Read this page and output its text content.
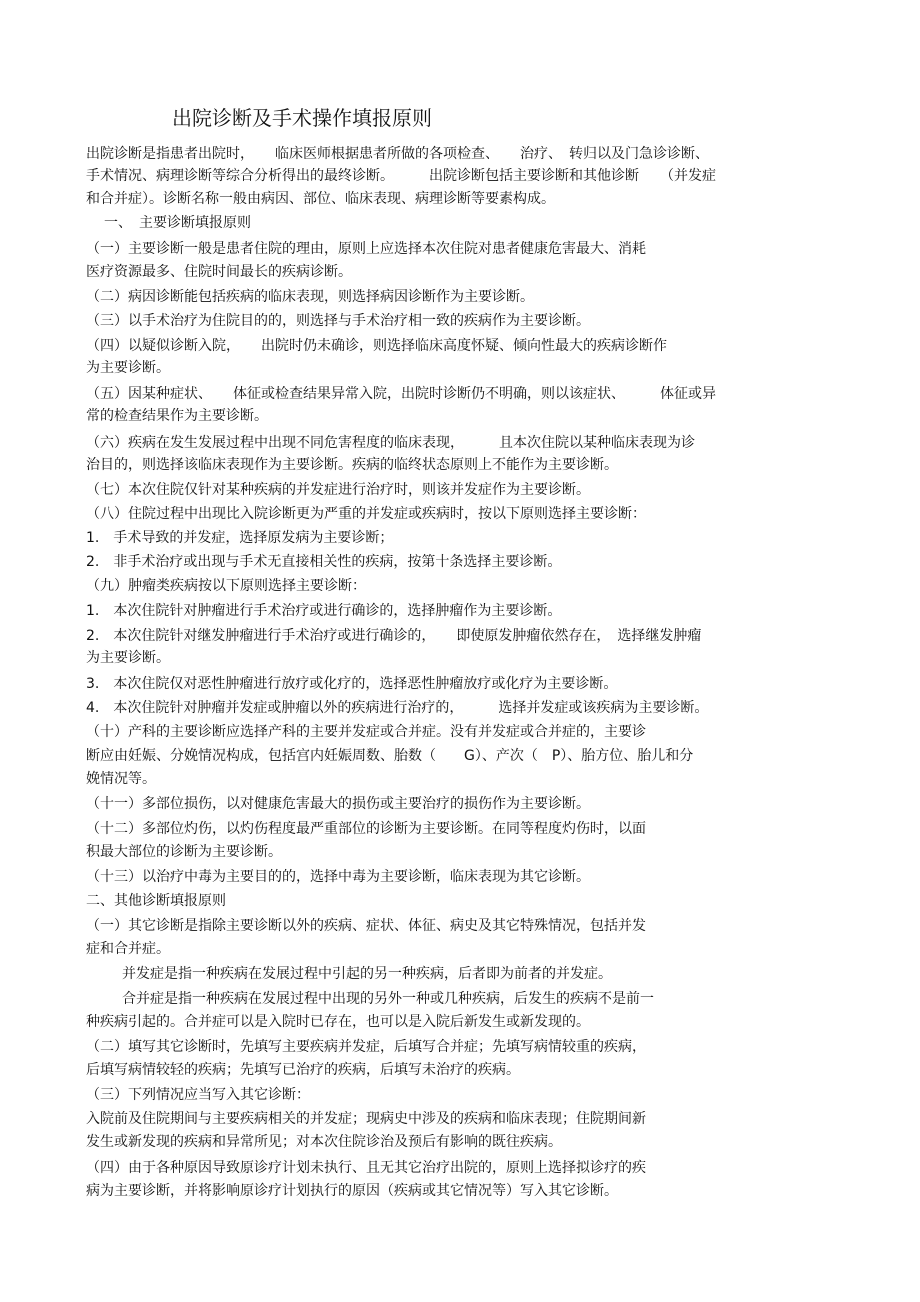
出院诊断及手术操作填报原则
出院诊断是指患者出院时，　　临床医师根据患者所做的各项检查、　　治疗、　转归以及门急诊诊断、
手术情况、病理诊断等综合分析得出的最终诊断。　　　出院诊断包括主要诊断和其他诊断　　（并发症
和合并症）。诊断名称一般由病因、部位、临床表现、病理诊断等要素构成。
一、　主要诊断填报原则
（一）主要诊断一般是患者住院的理由，原则上应选择本次住院对患者健康危害最大、消耗
医疗资源最多、住院时间最长的疾病诊断。
（二）病因诊断能包括疾病的临床表现，则选择病因诊断作为主要诊断。
（三）以手术治疗为住院目的的，则选择与手术治疗相一致的疾病作为主要诊断。
（四）以疑似诊断入院，　　出院时仍未确诊，则选择临床高度怀疑、倾向性最大的疾病诊断作
为主要诊断。
（五）因某种症状、　　体征或检查结果异常入院，出院时诊断仍不明确，则以该症状、　　　体征或异
常的检查结果作为主要诊断。
（六）疾病在发生发展过程中出现不同危害程度的临床表现，　　　且本次住院以某种临床表现为诊
治目的，则选择该临床表现作为主要诊断。疾病的临终状态原则上不能作为主要诊断。
（七）本次住院仅针对某种疾病的并发症进行治疗时，则该并发症作为主要诊断。
（八）住院过程中出现比入院诊断更为严重的并发症或疾病时，按以下原则选择主要诊断：
1.　手术导致的并发症，选择原发病为主要诊断；
2.　非手术治疗或出现与手术无直接相关性的疾病，按第十条选择主要诊断。
（九）肿瘤类疾病按以下原则选择主要诊断：
1.　本次住院针对肿瘤进行手术治疗或进行确诊的，选择肿瘤作为主要诊断。
2.　本次住院针对继发肿瘤进行手术治疗或进行确诊的，　　即使原发肿瘤依然存在，　选择继发肿瘤
为主要诊断。
3.　本次住院仅对恶性肿瘤进行放疗或化疗的，选择恶性肿瘤放疗或化疗为主要诊断。
4.　本次住院针对肿瘤并发症或肿瘤以外的疾病进行治疗的，　　　选择并发症或该疾病为主要诊断。
（十）产科的主要诊断应选择产科的主要并发症或合并症。没有并发症或合并症的，主要诊
断应由妊娠、分娩情况构成，包括宫内妊娠周数、胎数（　　G）、产次（　P）、胎方位、胎儿和分
娩情况等。
（十一）多部位损伤，以对健康危害最大的损伤或主要治疗的损伤作为主要诊断。
（十二）多部位灼伤，以灼伤程度最严重部位的诊断为主要诊断。在同等程度灼伤时，以面
积最大部位的诊断为主要诊断。
（十三）以治疗中毒为主要目的的，选择中毒为主要诊断，临床表现为其它诊断。
二、其他诊断填报原则
（一）其它诊断是指除主要诊断以外的疾病、症状、体征、病史及其它特殊情况，包括并发
症和合并症。
并发症是指一种疾病在发展过程中引起的另一种疾病，后者即为前者的并发症。
合并症是指一种疾病在发展过程中出现的另外一种或几种疾病，后发生的疾病不是前一
种疾病引起的。合并症可以是入院时已存在，也可以是入院后新发生或新发现的。
（二）填写其它诊断时，先填写主要疾病并发症，后填写合并症；先填写病情较重的疾病，
后填写病情较轻的疾病；先填写已治疗的疾病，后填写未治疗的疾病。
（三）下列情况应当写入其它诊断：
入院前及住院期间与主要疾病相关的并发症；现病史中涉及的疾病和临床表现；住院期间新
发生或新发现的疾病和异常所见；对本次住院诊治及预后有影响的既往疾病。
（四）由于各种原因导致原诊疗计划未执行、且无其它治疗出院的，原则上选择拟诊疗的疾
病为主要诊断，并将影响原诊疗计划执行的原因（疾病或其它情况等）写入其它诊断。
